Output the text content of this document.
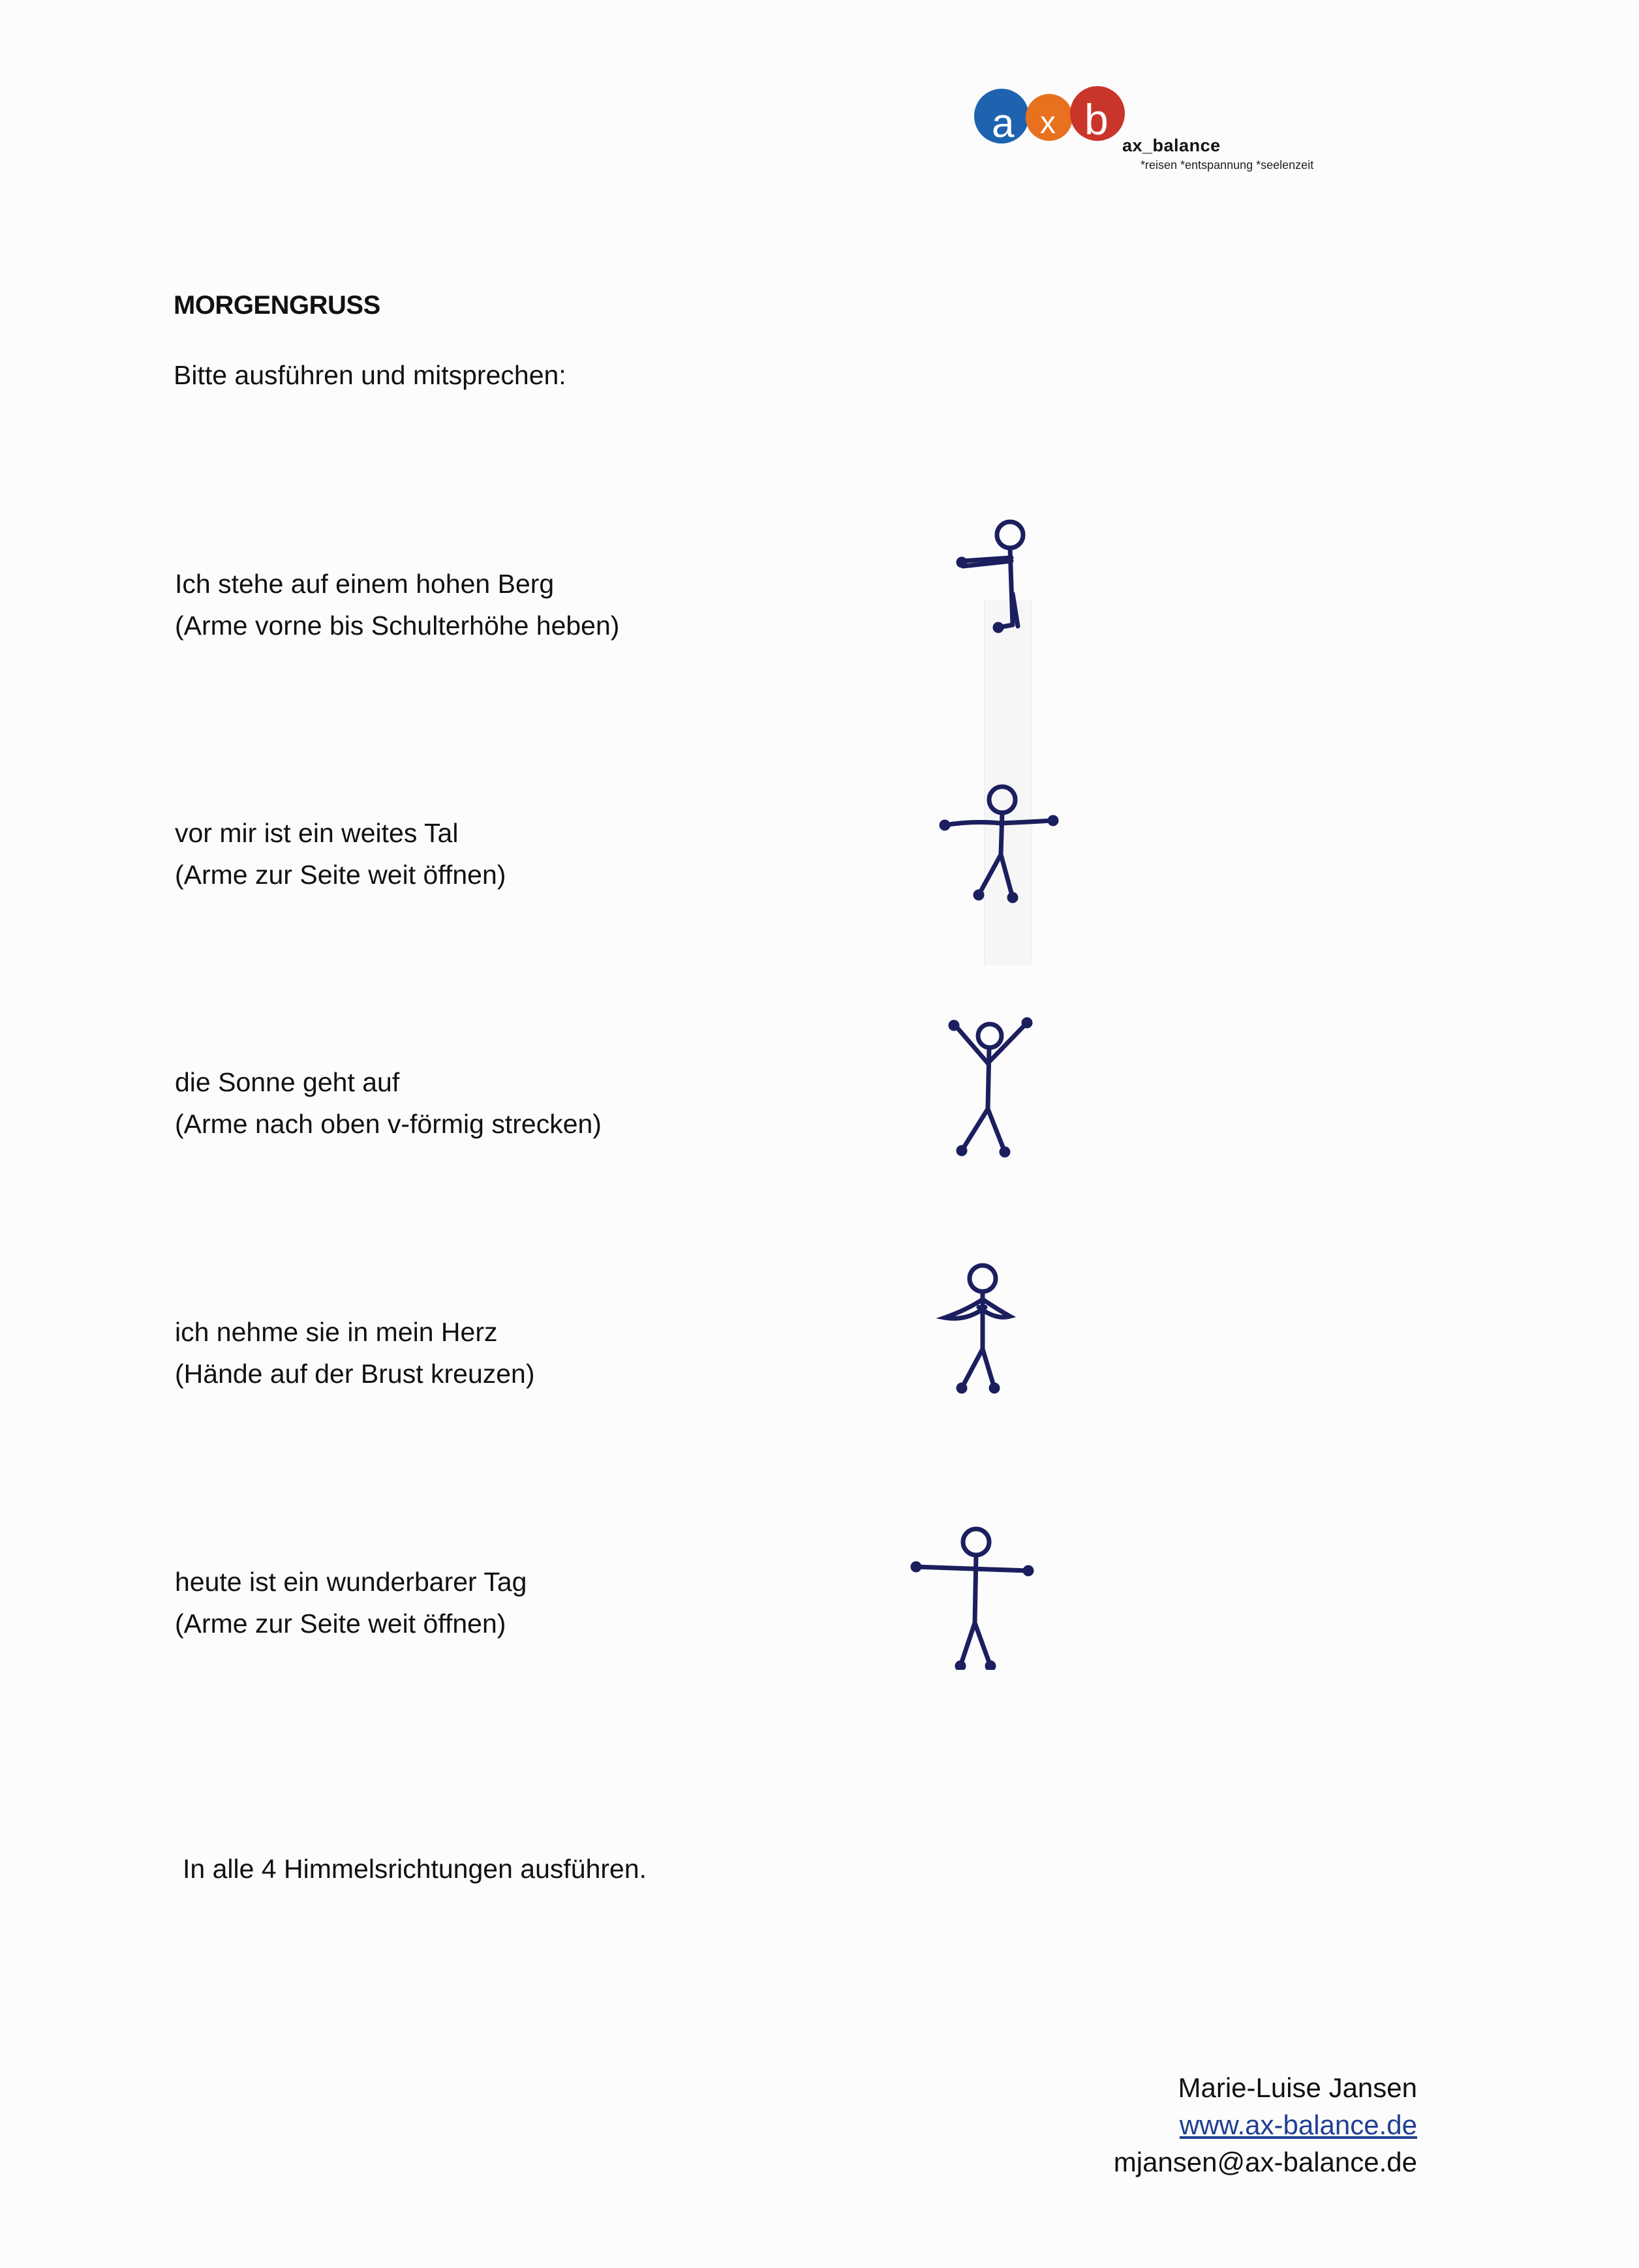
a x b
ax_balance
*reisen *entspannung *seelenzeit
MORGENGRUSS
Bitte ausführen und mitsprechen:
Ich stehe auf einem hohen Berg
(Arme vorne bis Schulterhöhe heben)
vor mir ist ein weites Tal
(Arme zur Seite weit öffnen)
die Sonne geht auf
(Arme nach oben v-förmig strecken)
ich nehme sie in mein Herz
(Hände auf der Brust kreuzen)
heute ist ein wunderbarer Tag
(Arme zur Seite weit öffnen)
In alle 4 Himmelsrichtungen ausführen.
Marie-Luise Jansen
www.ax-balance.de
mjansen@ax-balance.de
